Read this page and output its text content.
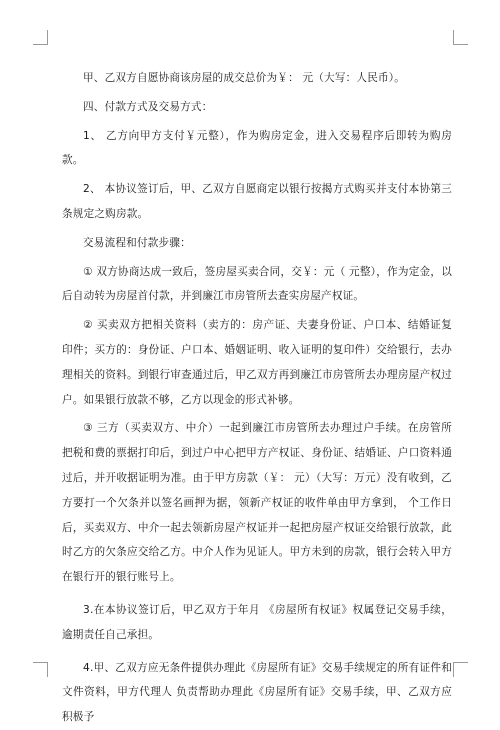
甲、乙双方自愿协商该房屋的成交总价为￥： 元（大写：人民币）。

四、付款方式及交易方式：

1、 乙方向甲方支付￥元整），作为购房定金，进入交易程序后即转为购房款。

2、 本协议签订后，甲、乙双方自愿商定以银行按揭方式购买并支付本协第三条规定之购房款。

交易流程和付款步骤：

① 双方协商达成一致后，签房屋买卖合同，交￥：元（ 元整），作为定金，以后自动转为房屋首付款，并到廉江市房管所去查实房屋产权证。

② 买卖双方把相关资料（卖方的：房产证、夫妻身份证、户口本、结婚证复印件；买方的：身份证、户口本、婚姻证明、收入证明的复印件）交给银行，去办理相关的资料。到银行审查通过后，甲乙双方再到廉江市房管所去办理房屋产权过户。如果银行放款不够，乙方以现金的形式补够。

③ 三方（买卖双方、中介）一起到廉江市房管所去办理过户手续。在房管所把税和费的票据打印后，到过户中心把甲方产权证、身份证、结婚证、户口资料通过后，并开收据证明为准。由于甲方房款（￥： 元）（大写：万元）没有收到，乙方要打一个欠条并以签名画押为据，领新产权证的收件单由甲方拿到， 个工作日后，买卖双方、中介一起去领新房屋产权证并一起把房屋产权证交给银行放款，此时乙方的欠条应交给乙方。中介人作为见证人。甲方未到的房款，银行会转入甲方在银行开的银行账号上。

3.在本协议签订后，甲乙双方于年月 《房屋所有权证》权属登记交易手续，逾期责任自己承担。

4.甲、乙双方应无条件提供办理此《房屋所有证》交易手续规定的所有证件和文件资料，甲方代理人 负责帮助办理此《房屋所有证》交易手续，甲、乙双方应积极予
